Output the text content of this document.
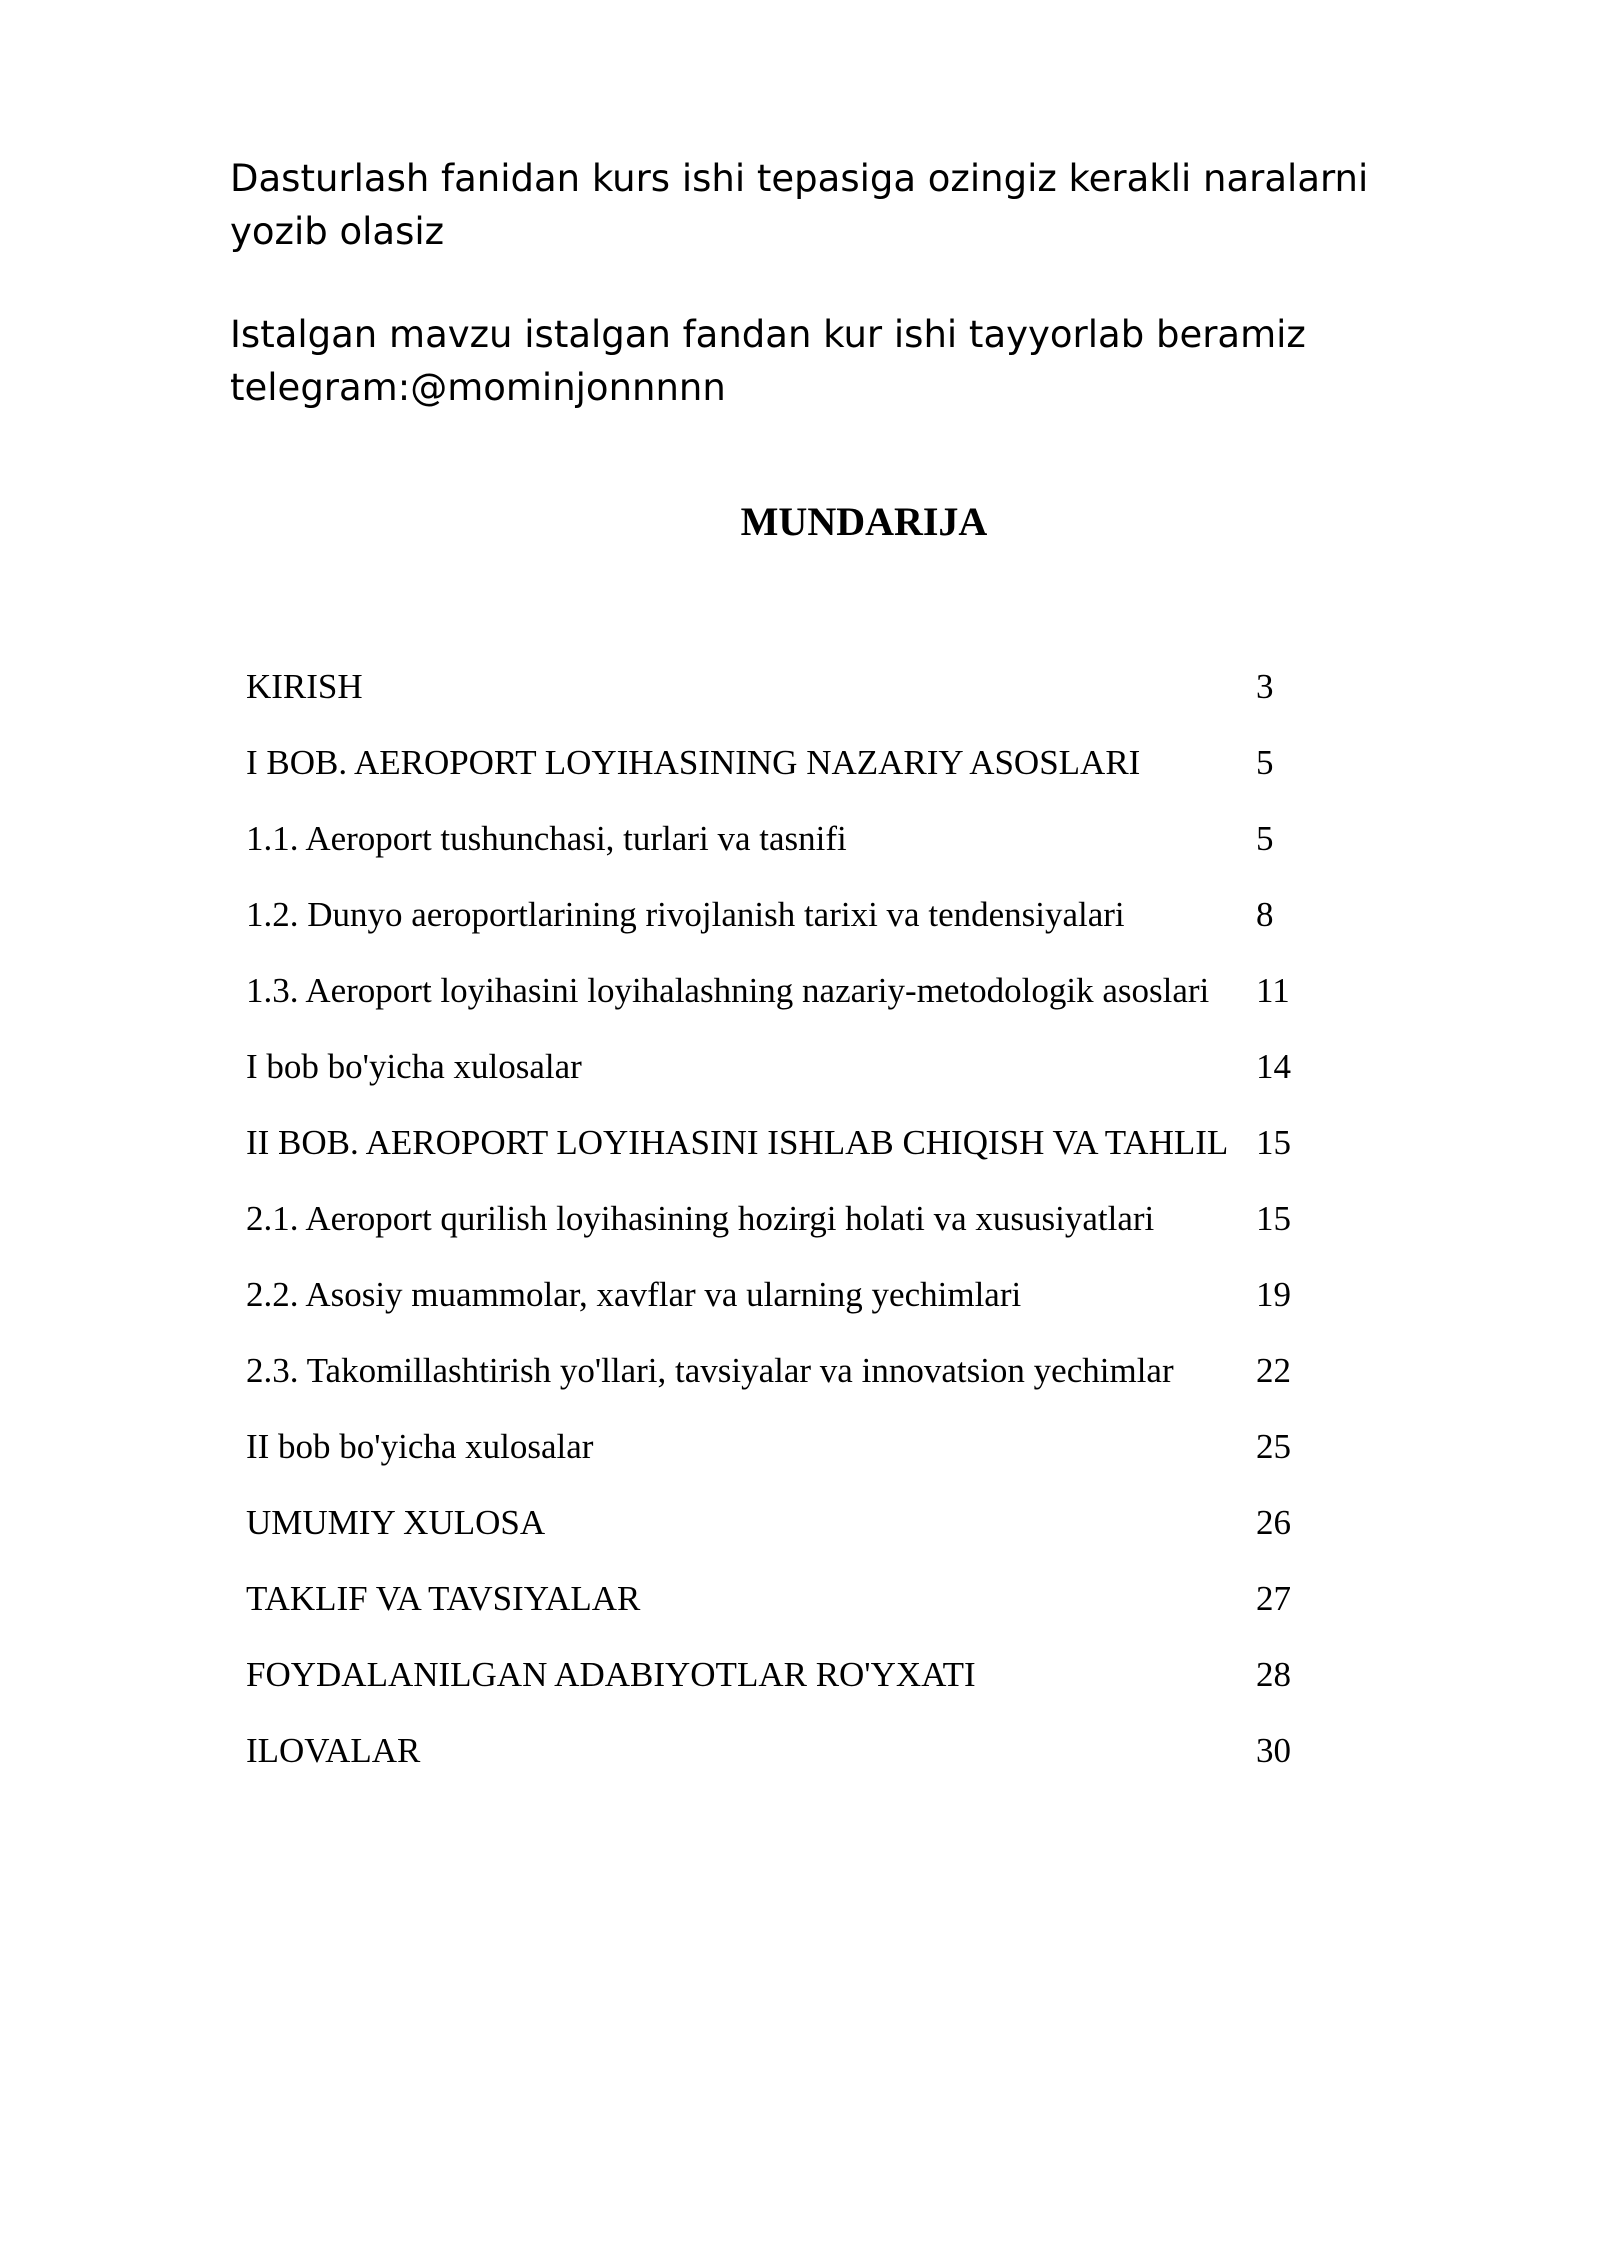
Dasturlash fanidan kurs ishi tepasiga ozingiz kerakli naralarni yozib olasiz

Istalgan mavzu istalgan fandan kur ishi tayyorlab beramiz
telegram:@mominjonnnnn

MUNDARIJA
KIRISH	3
I BOB. AEROPORT LOYIHASINING NAZARIY ASOSLARI	5
1.1. Aeroport tushunchasi, turlari va tasnifi	5
1.2. Dunyo aeroportlarining rivojlanish tarixi va tendensiyalari	8
1.3. Aeroport loyihasini loyihalashning nazariy-metodologik asoslari	11
I bob bo'yicha xulosalar	14
II BOB. AEROPORT LOYIHASINI ISHLAB CHIQISH VA TAHLIL 15
2.1. Aeroport qurilish loyihasining hozirgi holati va xususiyatlari	15
2.2. Asosiy muammolar, xavflar va ularning yechimlari	19
2.3. Takomillashtirish yo'llari, tavsiyalar va innovatsion yechimlar	22
II bob bo'yicha xulosalar	25
UMUMIY XULOSA	26
TAKLIF VA TAVSIYALAR	27
FOYDALANILGAN ADABIYOTLAR RO'YXATI	28
ILOVALAR	30
